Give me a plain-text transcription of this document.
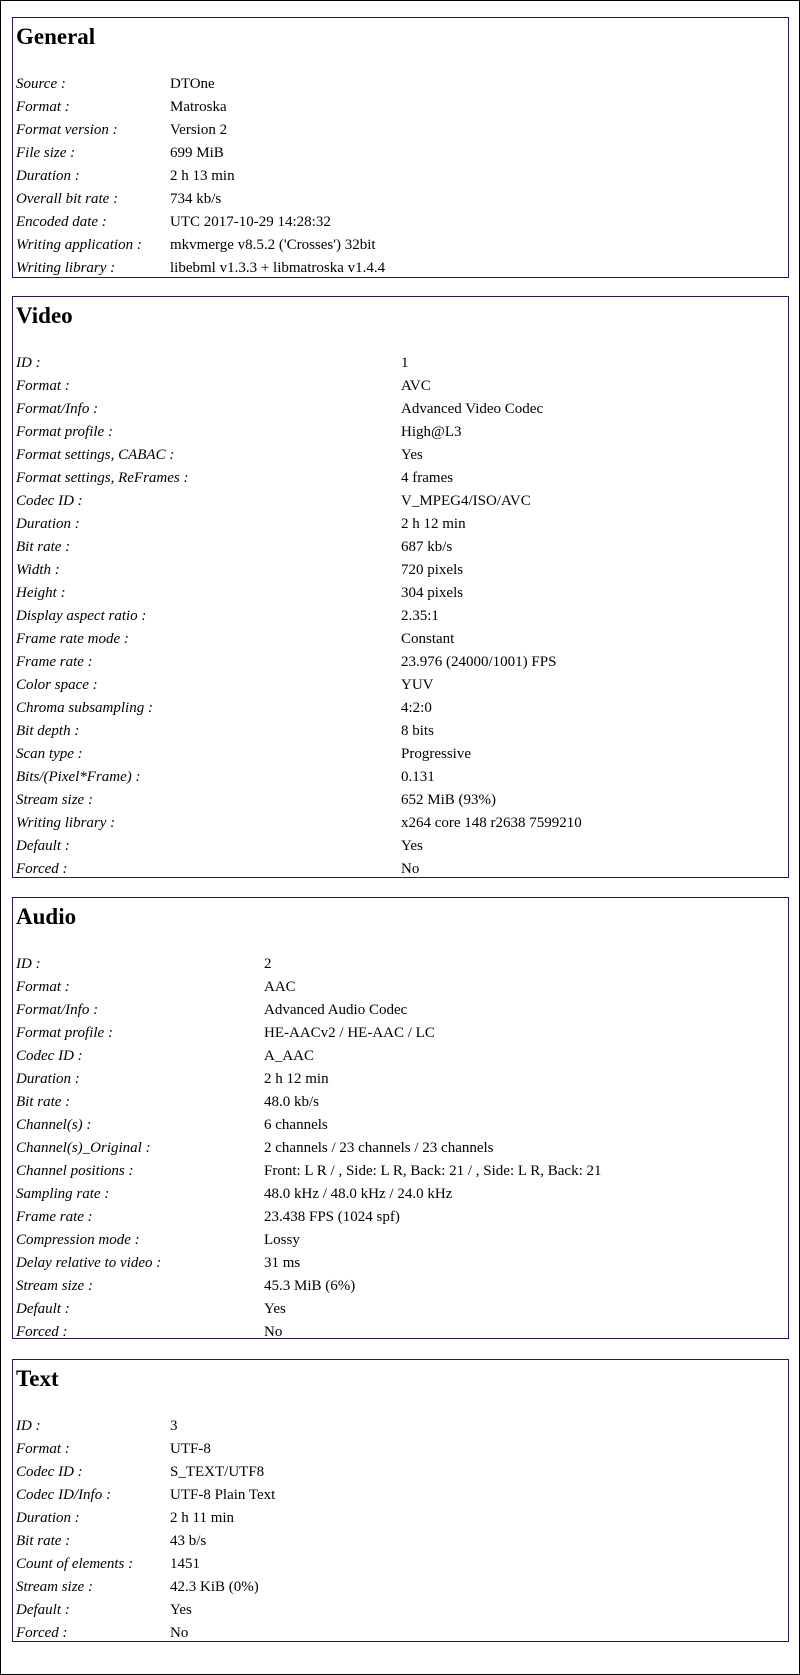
General
Source :	DTOne
Format :	Matroska
Format version :	Version 2
File size :	699 MiB
Duration :	2 h 13 min
Overall bit rate :	734 kb/s
Encoded date :	UTC 2017-10-29 14:28:32
Writing application : mkvmerge v8.5.2 ('Crosses') 32bit
Writing library :	libebml v1.3.3 + libmatroska v1.4.4
Video
ID :	1
Format :	AVC
Format/Info :	Advanced Video Codec
Format profile :	High@L3
Format settings, CABAC :	Yes
Format settings, ReFrames :	4 frames
Codec ID :	V_MPEG4/ISO/AVC
Duration :	2 h 12 min
Bit rate :	687 kb/s
Width :	720 pixels
Height :	304 pixels
Display aspect ratio :	2.35:1
Frame rate mode :	Constant
Frame rate :	23.976 (24000/1001) FPS
Color space :	YUV
Chroma subsampling :	4:2:0
Bit depth :	8 bits
Scan type :	Progressive
Bits/(Pixel*Frame) :	0.131
Stream size :	652 MiB (93%)
Writing library :	x264 core 148 r2638 7599210
Default :	Yes
Forced :	No
Audio
ID :	2
Format :	AAC
Format/Info :	Advanced Audio Codec
Format profile :	HE-AACv2 / HE-AAC / LC
Codec ID :	A_AAC
Duration :	2 h 12 min
Bit rate :	48.0 kb/s
Channel(s) :	6 channels
Channel(s)_Original :	2 channels / 23 channels / 23 channels
Channel positions :	Front: L R / , Side: L R, Back: 21 / , Side: L R, Back: 21
Sampling rate :	48.0 kHz / 48.0 kHz / 24.0 kHz
Frame rate :	23.438 FPS (1024 spf)
Compression mode :	Lossy
Delay relative to video :	31 ms
Stream size :	45.3 MiB (6%)
Default :	Yes
Forced :	No
Text
ID :	3
Format :	UTF-8
Codec ID :	S_TEXT/UTF8
Codec ID/Info :	UTF-8 Plain Text
Duration :	2 h 11 min
Bit rate :	43 b/s
Count of elements : 1451
Stream size :	42.3 KiB (0%)
Default :	Yes
Forced :	No
